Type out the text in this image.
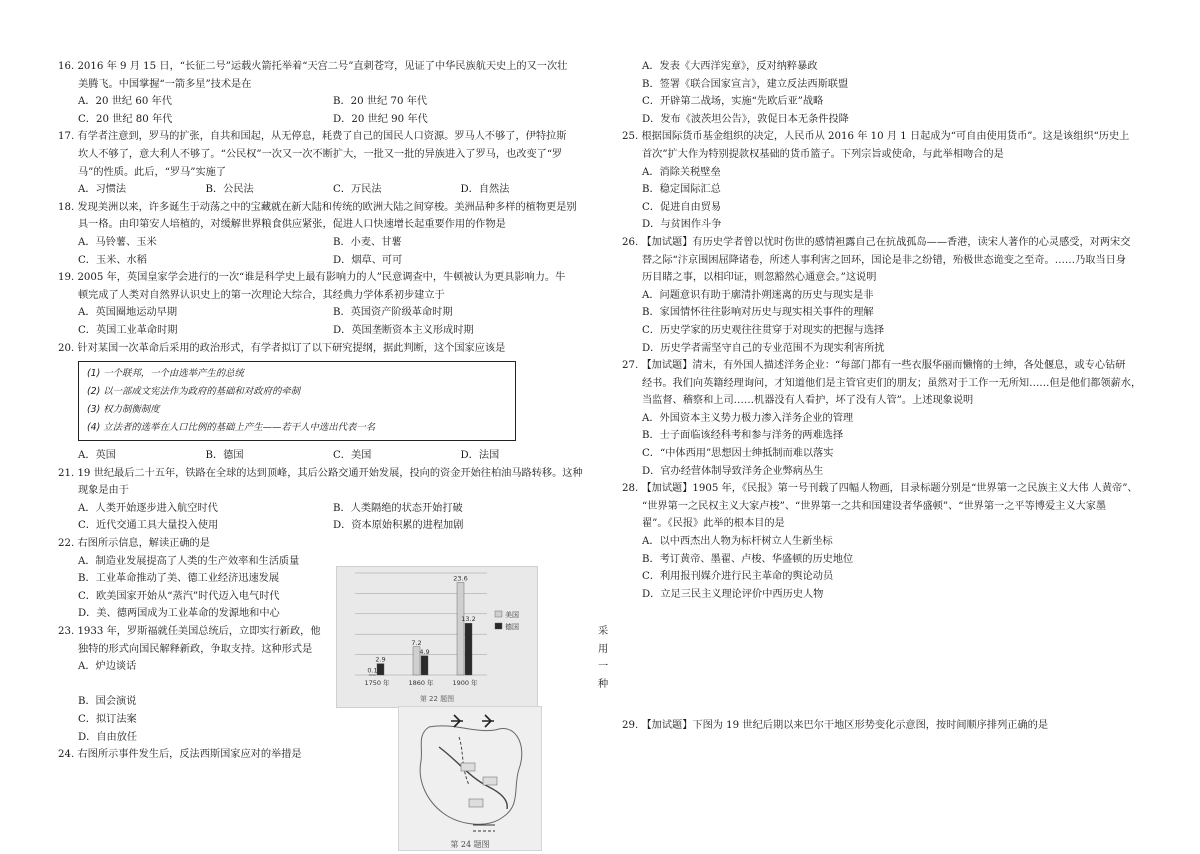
16. 2016 年 9 月 15 日，“长征二号”运载火箭托举着“天宫二号”直刺苍穹，见证了中华民族航天史上的又一次壮
美腾飞。中国掌握“一箭多星”技术是在
A．20 世纪 60 年代	B．20 世纪 70 年代
C．20 世纪 80 年代	D．20 世纪 90 年代
17. 有学者注意到，罗马的扩张，自共和国起，从无停息，耗费了自己的国民人口资源。罗马人不够了，伊特拉斯
坎人不够了，意大利人不够了。“公民权”一次又一次不断扩大，一批又一批的异族进入了罗马，也改变了“罗
马”的性质。此后，“罗马”实施了
A．习惯法	B．公民法	C．万民法	D．自然法
18. 发现美洲以来，许多诞生于动荡之中的宝藏就在新大陆和传统的欧洲大陆之间穿梭。美洲品种多样的植物更是别
具一格。由印第安人培植的，对缓解世界粮食供应紧张，促进人口快速增长起重要作用的作物是
A．马铃薯、玉米	B．小麦、甘薯
C．玉米、水稻	D．烟草、可可
19. 2005 年，英国皇家学会进行的一次“谁是科学史上最有影响力的人”民意调查中，牛顿被认为更具影响力。牛
顿完成了人类对自然界认识史上的第一次理论大综合，其经典力学体系初步建立于
A．英国圈地运动早期	B．英国资产阶级革命时期
C．英国工业革命时期	D．英国垄断资本主义形成时期
20. 针对某国一次革命后采用的政治形式，有学者拟订了以下研究提纲，据此判断，这个国家应该是
(1) 一个联邦，一个由选举产生的总统
(2) 以一部成文宪法作为政府的基础和对政府的牵制
(3) 权力制衡制度
(4) 立法者的选举在人口比例的基础上产生——若干人中选出代表一名
A．英国	B．德国	C．美国	D．法国
21. 19 世纪最后二十五年，铁路在全球的达到顶峰，其后公路交通开始发展，投向的资金开始往柏油马路转移。这种
现象是由于
A．人类开始逐步进入航空时代	B．人类隔绝的状态开始打破
C．近代交通工具大量投入使用	D．资本原始积累的进程加剧
22. 右图所示信息，解读正确的是
A．制造业发展提高了人类的生产效率和生活质量
B．工业革命推动了美、德工业经济迅速发展
C．欧美国家开始从“蒸汽”时代迈入电气时代
D．美、德两国成为工业革命的发源地和中心
23. 1933 年，罗斯福就任美国总统后，立即实行新政，他	采用一种
独特的形式向国民解释新政，争取支持。这种形式是
A．炉边谈话
B．国会演说
C．拟订法案
D．自由放任
24. 右图所示事件发生后，反法西斯国家应对的举措是
0.1
2.9
7.2
4.9
23.6
13.2
1750 年	1860 年	1900 年
美国
德国
第 22 题图
第 24 题图
A．发表《大西洋宪章》，反对纳粹暴政
B．签署《联合国家宣言》，建立反法西斯联盟
C．开辟第二战场，实施“先欧后亚”战略
D．发布《波茨坦公告》，敦促日本无条件投降
25. 根据国际货币基金组织的决定，人民币从 2016 年 10 月 1 日起成为“可自由使用货币”。这是该组织“历史上
首次”扩大作为特别提款权基础的货币篮子。下列宗旨或使命，与此举相吻合的是
A．消除关税壁垒
B．稳定国际汇总
C．促进自由贸易
D．与贫困作斗争
26. 【加试题】有历史学者曾以忧时伤世的感情袒露自己在抗战孤岛——香港，读宋人著作的心灵感受，对两宋交
替之际“汴京围困屈降诸卷，所述人事利害之回环，国论是非之纷错，殆极世态诡变之至奇。……乃取当日身
历目睹之事，以相印证，则忽豁然心通意会。”这说明
A．问题意识有助于廓清扑朔迷离的历史与现实是非
B．家国情怀往往影响对历史与现实相关事件的理解
C．历史学家的历史观往往贯穿于对现实的把握与选择
D．历史学者需坚守自己的专业范围不为现实利害所扰
27. 【加试题】清末，有外国人描述洋务企业：“每部门都有一些衣服华丽而懒惰的士绅，各处偃息，或专心钻研
经书。我们向英籍经理询问，才知道他们是主管官吏们的朋友；虽然对于工作一无所知……但是他们都领薪水，
当监督、稽察和上司……机器没有人看护，坏了没有人管”。上述现象说明
A．外国资本主义势力极力渗入洋务企业的管理
B．士子面临该经科考和参与洋务的两难选择
C．“中体西用”思想因士绅抵制而难以落实
D．官办经营体制导致洋务企业弊病丛生
28. 【加试题】1905 年，《民报》第一号刊载了四幅人物画，目录标题分别是“世界第一之民族主义大伟 人黄帝”、
“世界第一之民权主义大家卢梭”、“世界第一之共和国建设者华盛顿”、“世界第一之平等博爱主义大家墨
翟”。《民报》此举的根本目的是
A．以中西杰出人物为标杆树立人生新坐标
B．考订黄帝、墨翟、卢梭、华盛顿的历史地位
C．利用报刊媒介进行民主革命的舆论动员
D．立足三民主义理论评价中西历史人物
29. 【加试题】下图为 19 世纪后期以来巴尔干地区形势变化示意图，按时间顺序排列正确的是
